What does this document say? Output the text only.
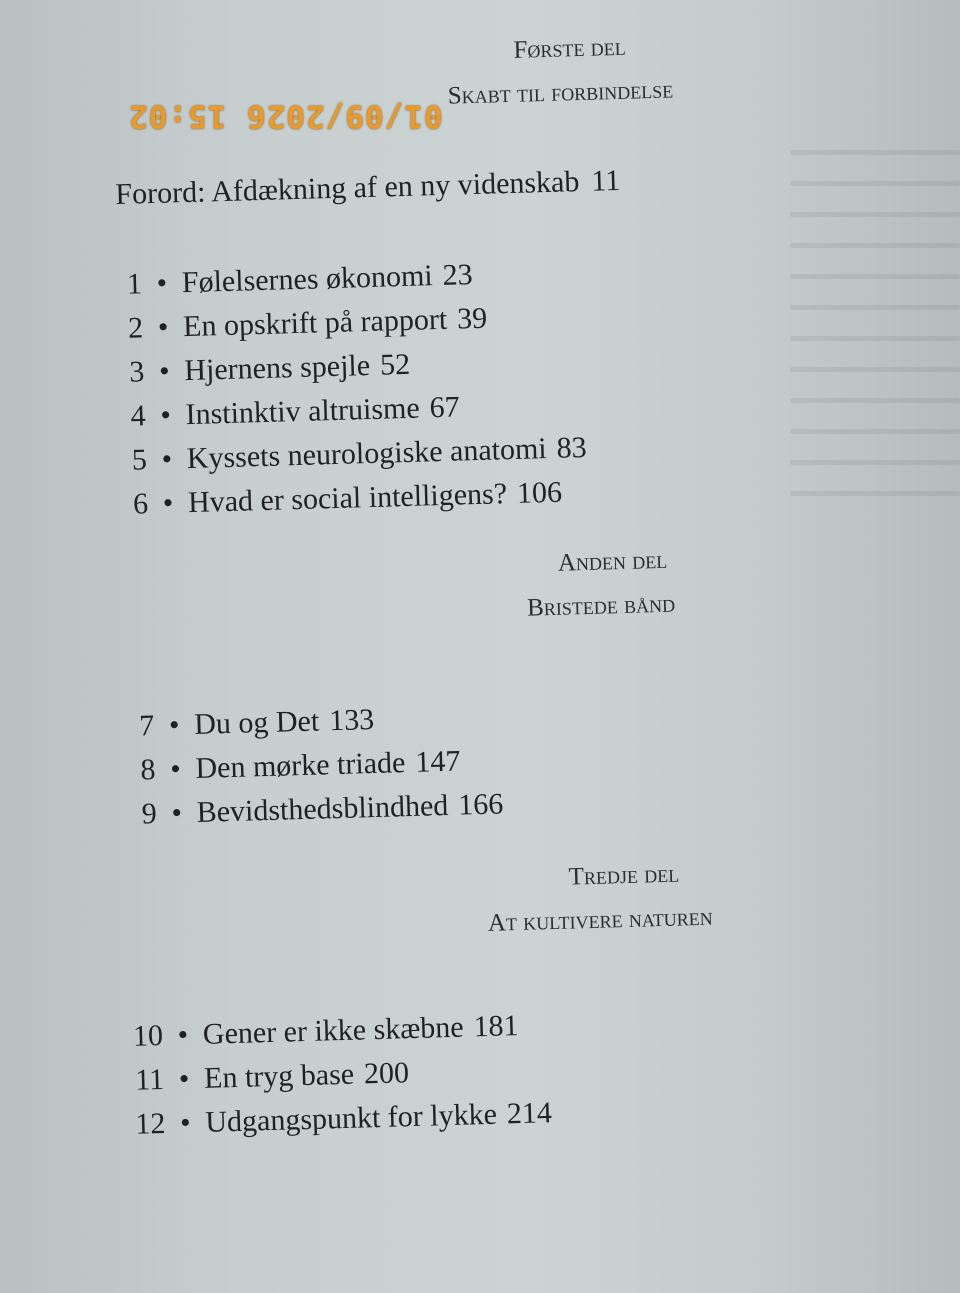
Første del
Skabt til forbindelse
Forord: Afdækning af en ny videnskab 11
1 • Følelsernes økonomi 23
2 • En opskrift på rapport 39
3 • Hjernens spejle 52
4 • Instinktiv altruisme 67
5 • Kyssets neurologiske anatomi 83
6 • Hvad er social intelligens? 106
Anden del
Bristede bånd
7 • Du og Det 133
8 • Den mørke triade 147
9 • Bevidsthedsblindhed 166
Tredje del
At kultivere naturen
10 • Gener er ikke skæbne 181
11 • En tryg base 200
12 • Udgangspunkt for lykke 214
01/09/2026 15:02
